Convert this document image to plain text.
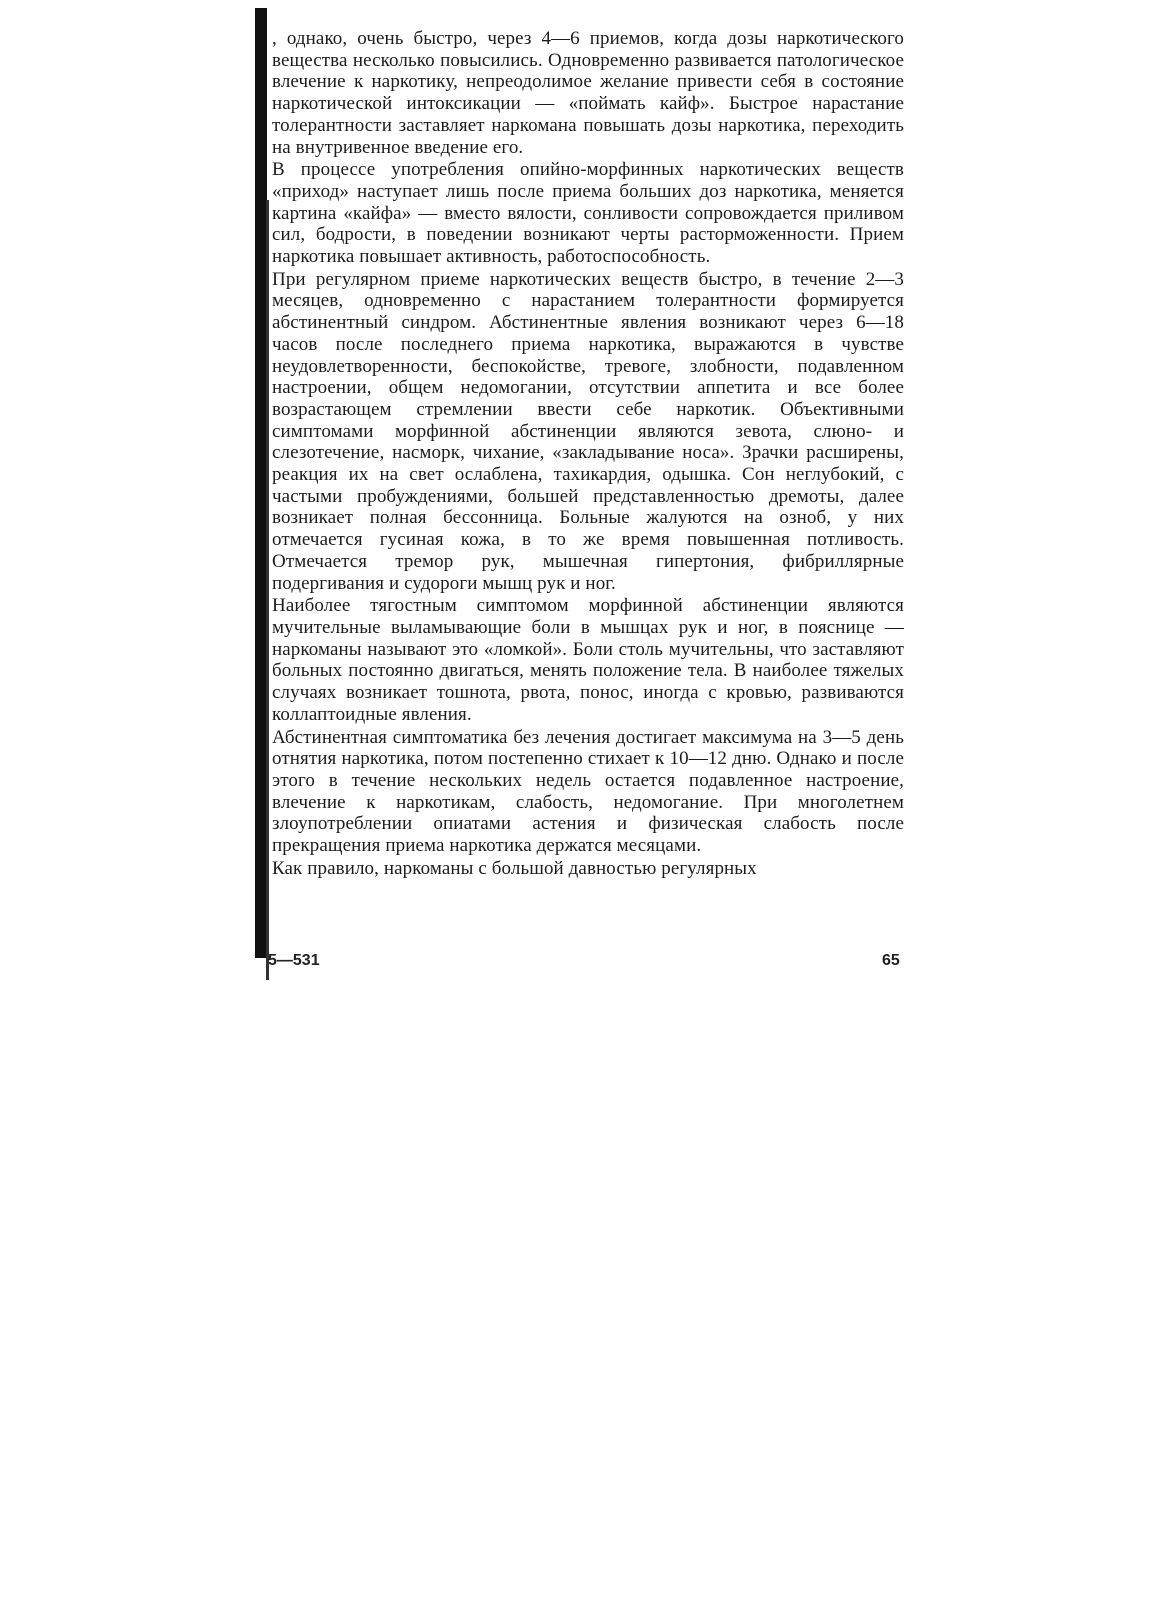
, однако, очень быстро, через 4—6 приемов, когда дозы наркотического вещества несколько повысились. Одновременно развивается патологическое влечение к наркотику, непреодолимое желание привести себя в состояние наркотической интоксикации — «поймать кайф». Быстрое нарастание толерантности заставляет наркомана повышать дозы наркотика, переходить на внутривенное введение его.

В процессе употребления опийно-морфинных наркотических веществ «приход» наступает лишь после приема больших доз наркотика, меняется картина «кайфа» — вместо вялости, сонливости сопровождается приливом сил, бодрости, в поведении возникают черты расторможенности. Прием наркотика повышает активность, работоспособность.

При регулярном приеме наркотических веществ быстро, в течение 2—3 месяцев, одновременно с нарастанием толерантности формируется абстинентный синдром. Абстинентные явления возникают через 6—18 часов после последнего приема наркотика, выражаются в чувстве неудовлетворенности, беспокойстве, тревоге, злобности, подавленном настроении, общем недомогании, отсутствии аппетита и все более возрастающем стремлении ввести себе наркотик. Объективными симптомами морфинной абстиненции являются зевота, слюно- и слезотечение, насморк, чихание, «закладывание носа». Зрачки расширены, реакция их на свет ослаблена, тахикардия, одышка. Сон неглубокий, с частыми пробуждениями, большей представленностью дремоты, далее возникает полная бессонница. Больные жалуются на озноб, у них отмечается гусиная кожа, в то же время повышенная потливость. Отмечается тремор рук, мышечная гипертония, фибриллярные подергивания и судороги мышц рук и ног.

Наиболее тягостным симптомом морфинной абстиненции являются мучительные выламывающие боли в мышцах рук и ног, в пояснице — наркоманы называют это «ломкой». Боли столь мучительны, что заставляют больных постоянно двигаться, менять положение тела. В наиболее тяжелых случаях возникает тошнота, рвота, понос, иногда с кровью, развиваются коллаптоидные явления.

Абстинентная симптоматика без лечения достигает максимума на 3—5 день отнятия наркотика, потом постепенно стихает к 10—12 дню. Однако и после этого в течение нескольких недель остается подавленное настроение, влечение к наркотикам, слабость, недомогание. При многолетнем злоупотреблении опиатами астения и физическая слабость после прекращения приема наркотика держатся месяцами.

Как правило, наркоманы с большой давностью регулярных

5—531	65
